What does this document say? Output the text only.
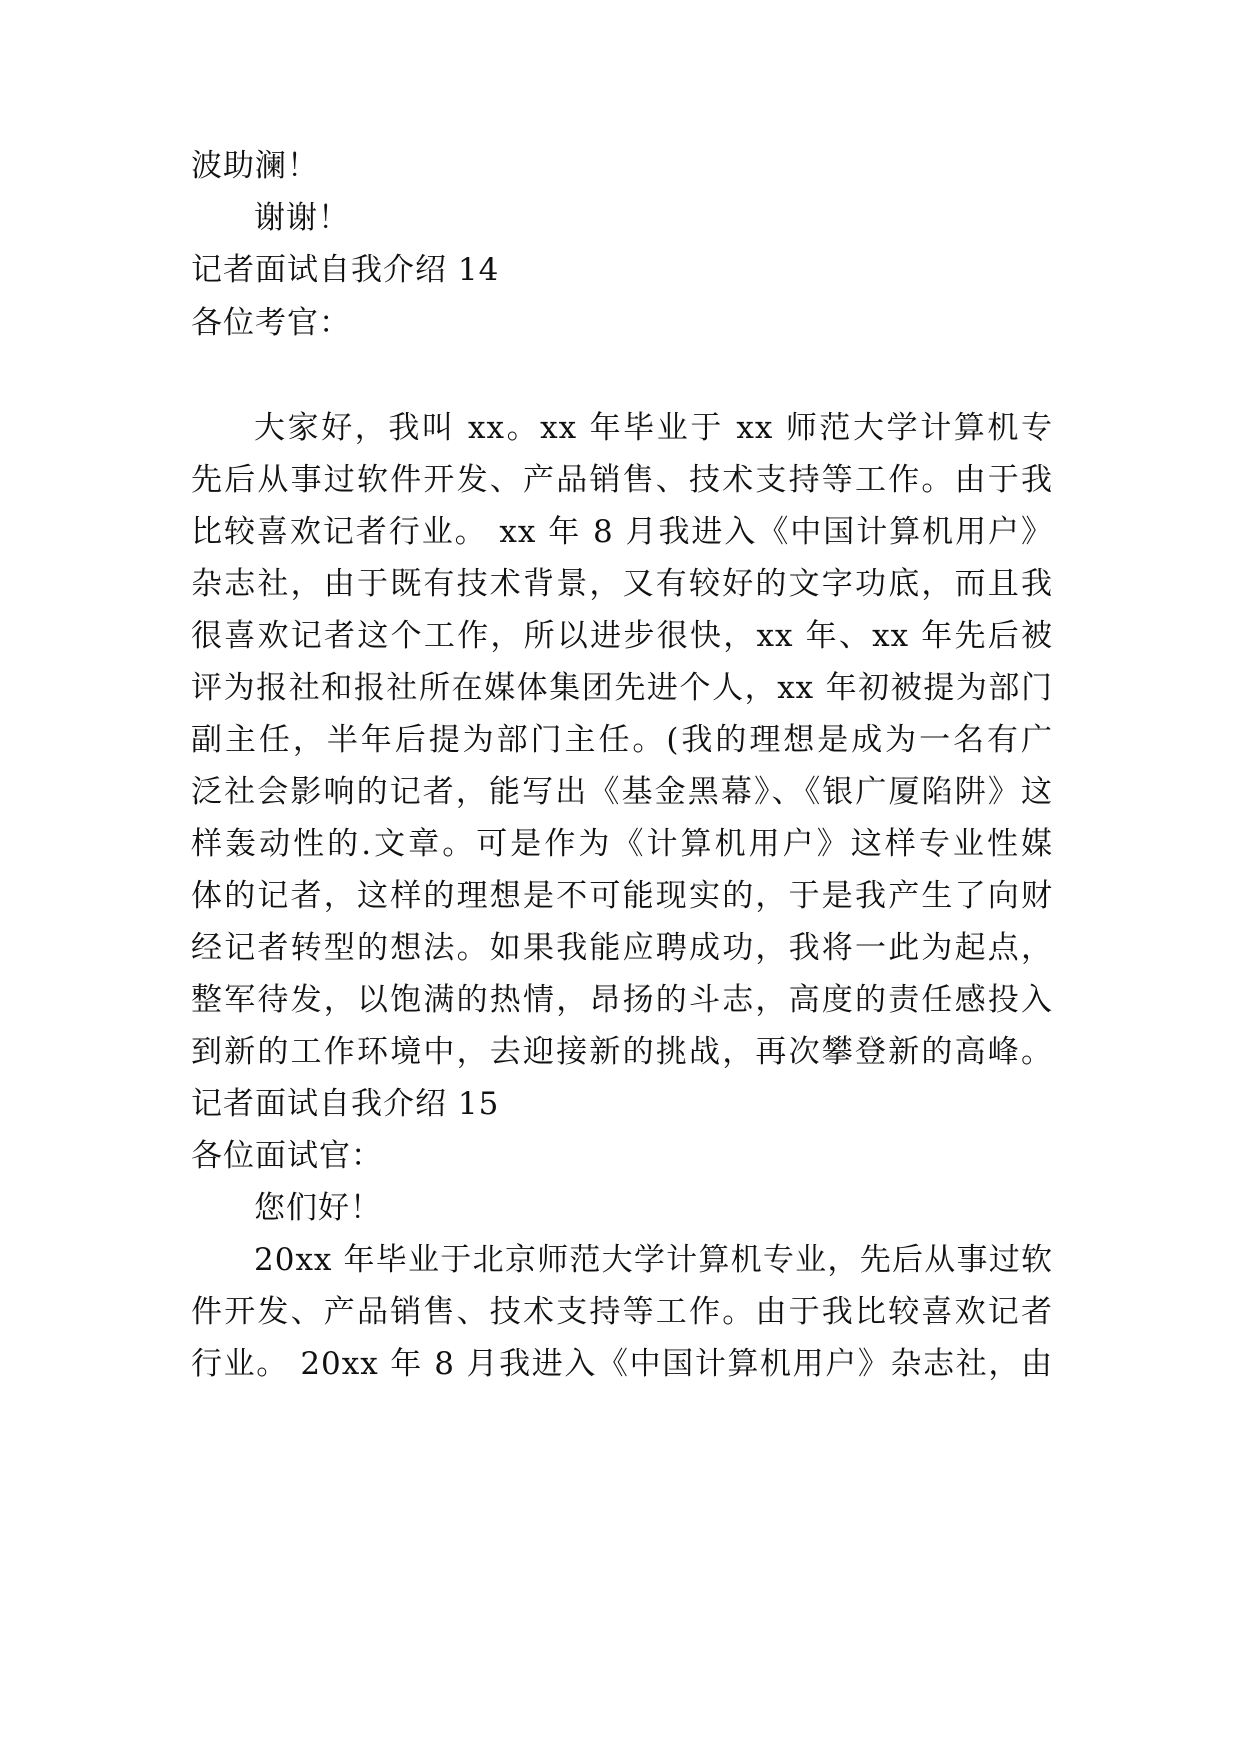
波助澜！
谢谢！
记者面试自我介绍 14
各位考官：
大家好，我叫 xx。xx 年毕业于 xx 师范大学计算机专
先后从事过软件开发、产品销售、技术支持等工作。由于我
比较喜欢记者行业。 xx 年 8 月我进入《中国计算机用户》
杂志社，由于既有技术背景，又有较好的文字功底，而且我
很喜欢记者这个工作，所以进步很快，xx 年、xx 年先后被
评为报社和报社所在媒体集团先进个人，xx 年初被提为部门
副主任，半年后提为部门主任。(我的理想是成为一名有广
泛社会影响的记者，能写出《基金黑幕》、《银广厦陷阱》这
样轰动性的.文章。可是作为《计算机用户》这样专业性媒
体的记者，这样的理想是不可能现实的，于是我产生了向财
经记者转型的想法。如果我能应聘成功，我将一此为起点，
整军待发，以饱满的热情，昂扬的斗志，高度的责任感投入
到新的工作环境中，去迎接新的挑战，再次攀登新的高峰。
记者面试自我介绍 15
各位面试官：
您们好！
20xx 年毕业于北京师范大学计算机专业，先后从事过软
件开发、产品销售、技术支持等工作。由于我比较喜欢记者
行业。 20xx 年 8 月我进入《中国计算机用户》杂志社，由
